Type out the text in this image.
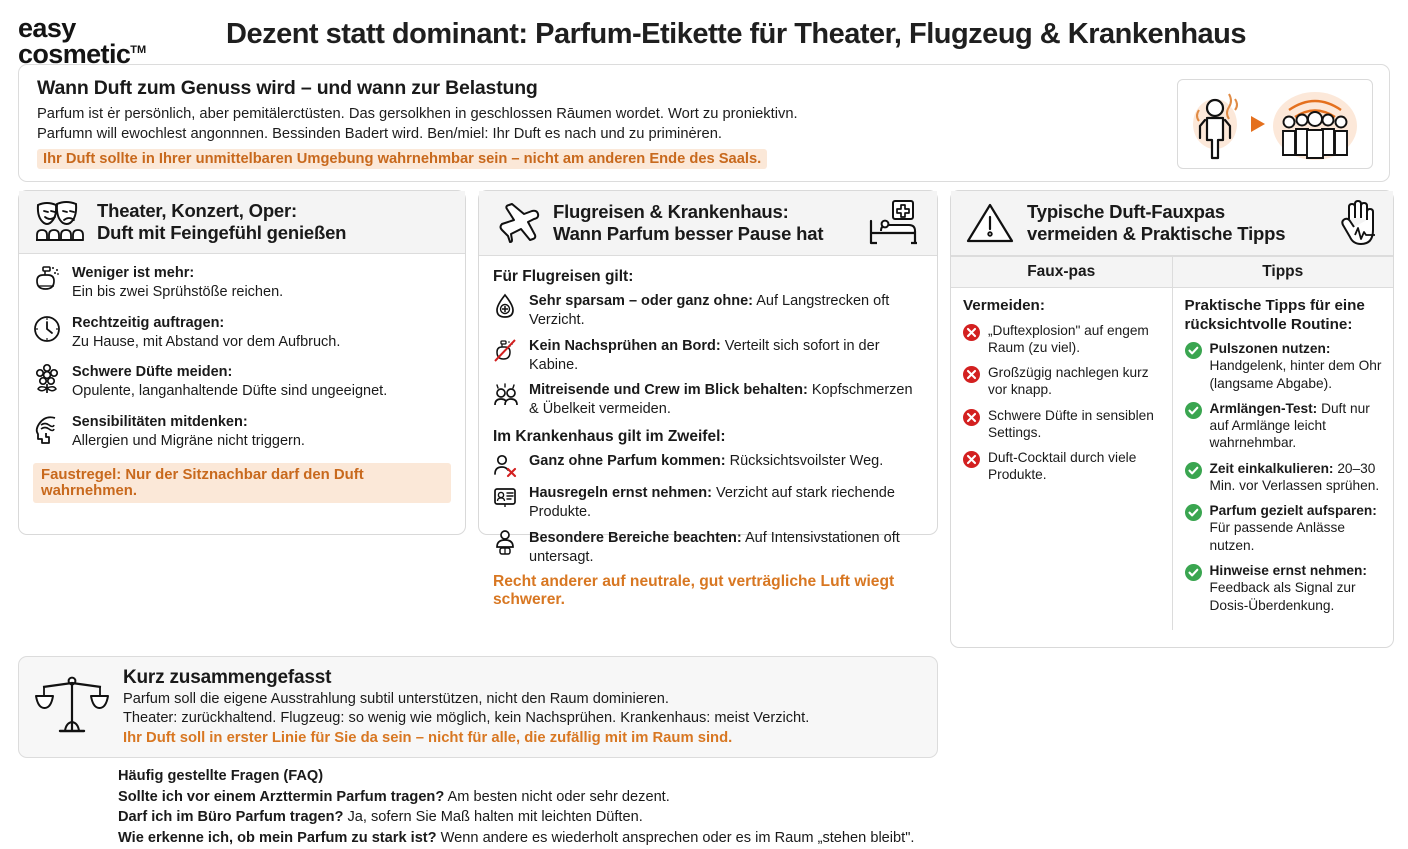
easy
cosmetic™	Dezent statt dominant: Parfum-Etikette für Theater, Flugzeug & Krankenhaus
Wann Duft zum Genuss wird – und wann zur Belastung
Parfum ist ėr persönlich, aber pemitälerctüsten. Das gersolkhen in geschlossen Rāumen wordet. Wort zu proniektivn.
Parfumn will ewochlest angonnnen. Bessinden Badert wird. Ben/miel: Ihr Duft es nach und zu priminėren.
Ihr Duft sollte in Ihrer unmittelbaren Umgebung wahrnehmbar sein – nicht am anderen Ende des Saals.
Theater, Konzert, Oper:
Duft mit Feingefühl genießen
Weniger ist mehr:
Ein bis zwei Sprühstöße reichen.
Rechtzeitig auftragen:
Zu Hause, mit Abstand vor dem Aufbruch.
Schwere Düfte meiden:
Opulente, langanhaltende Düfte sind ungeeignet.
Sensibilitäten mitdenken:
Allergien und Migräne nicht triggern.
Faustregel: Nur der Sitznachbar darf den Duft wahrnehmen.
Flugreisen & Krankenhaus:
Wann Parfum besser Pause hat
Für Flugreisen gilt:
Sehr sparsam – oder ganz ohne: Auf Langstrecken oft Verzicht.
Kein Nachsprühen an Bord: Verteilt sich sofort in der Kabine.
Mitreisende und Crew im Blick behalten: Kopfschmerzen & Übelkeit vermeiden.
Im Krankenhaus gilt im Zweifel:
Ganz ohne Parfum kommen: Rücksichtsvoilster Weg.
Hausregeln ernst nehmen: Verzicht auf stark riechende Produkte.
Besondere Bereiche beachten: Auf Intensivstationen oft untersagt.
Recht anderer auf neutrale, gut verträgliche Luft wiegt schwerer.
Typische Duft-Fauxpas
vermeiden & Praktische Tipps
Faux-pas
Vermeiden:
„Duftexplosion" auf engem Raum (zu viel).
Großzügig nachlegen kurz vor knapp.
Schwere Düfte in sensiblen Settings.
Duft-Cocktail durch viele Produkte.
Tipps
Praktische Tipps für eine
rücksichtvolle Routine:
Pulszonen nutzen: Handgelenk, hinter dem Ohr (langsame Abgabe).
Armlängen-Test: Duft nur auf Armlänge leicht wahrnehmbar.
Zeit einkalkulieren: 20–30 Min. vor Verlassen sprühen.
Parfum gezielt aufsparen: Für passende Anlässe nutzen.
Hinweise ernst nehmen: Feedback als Signal zur Dosis-Überdenkung.
Kurz zusammengefasst
Parfum soll die eigene Ausstrahlung subtil unterstützen, nicht den Raum dominieren.
Theater: zurückhaltend. Flugzeug: so wenig wie möglich, kein Nachsprühen. Krankenhaus: meist Verzicht.
Ihr Duft soll in erster Linie für Sie da sein – nicht für alle, die zufällig mit im Raum sind.
Häufig gestellte Fragen (FAQ)
Sollte ich vor einem Arzttermin Parfum tragen? Am besten nicht oder sehr dezent.
Darf ich im Büro Parfum tragen? Ja, sofern Sie Maß halten mit leichten Düften.
Wie erkenne ich, ob mein Parfum zu stark ist? Wenn andere es wiederholt ansprechen oder es im Raum „stehen bleibt".
